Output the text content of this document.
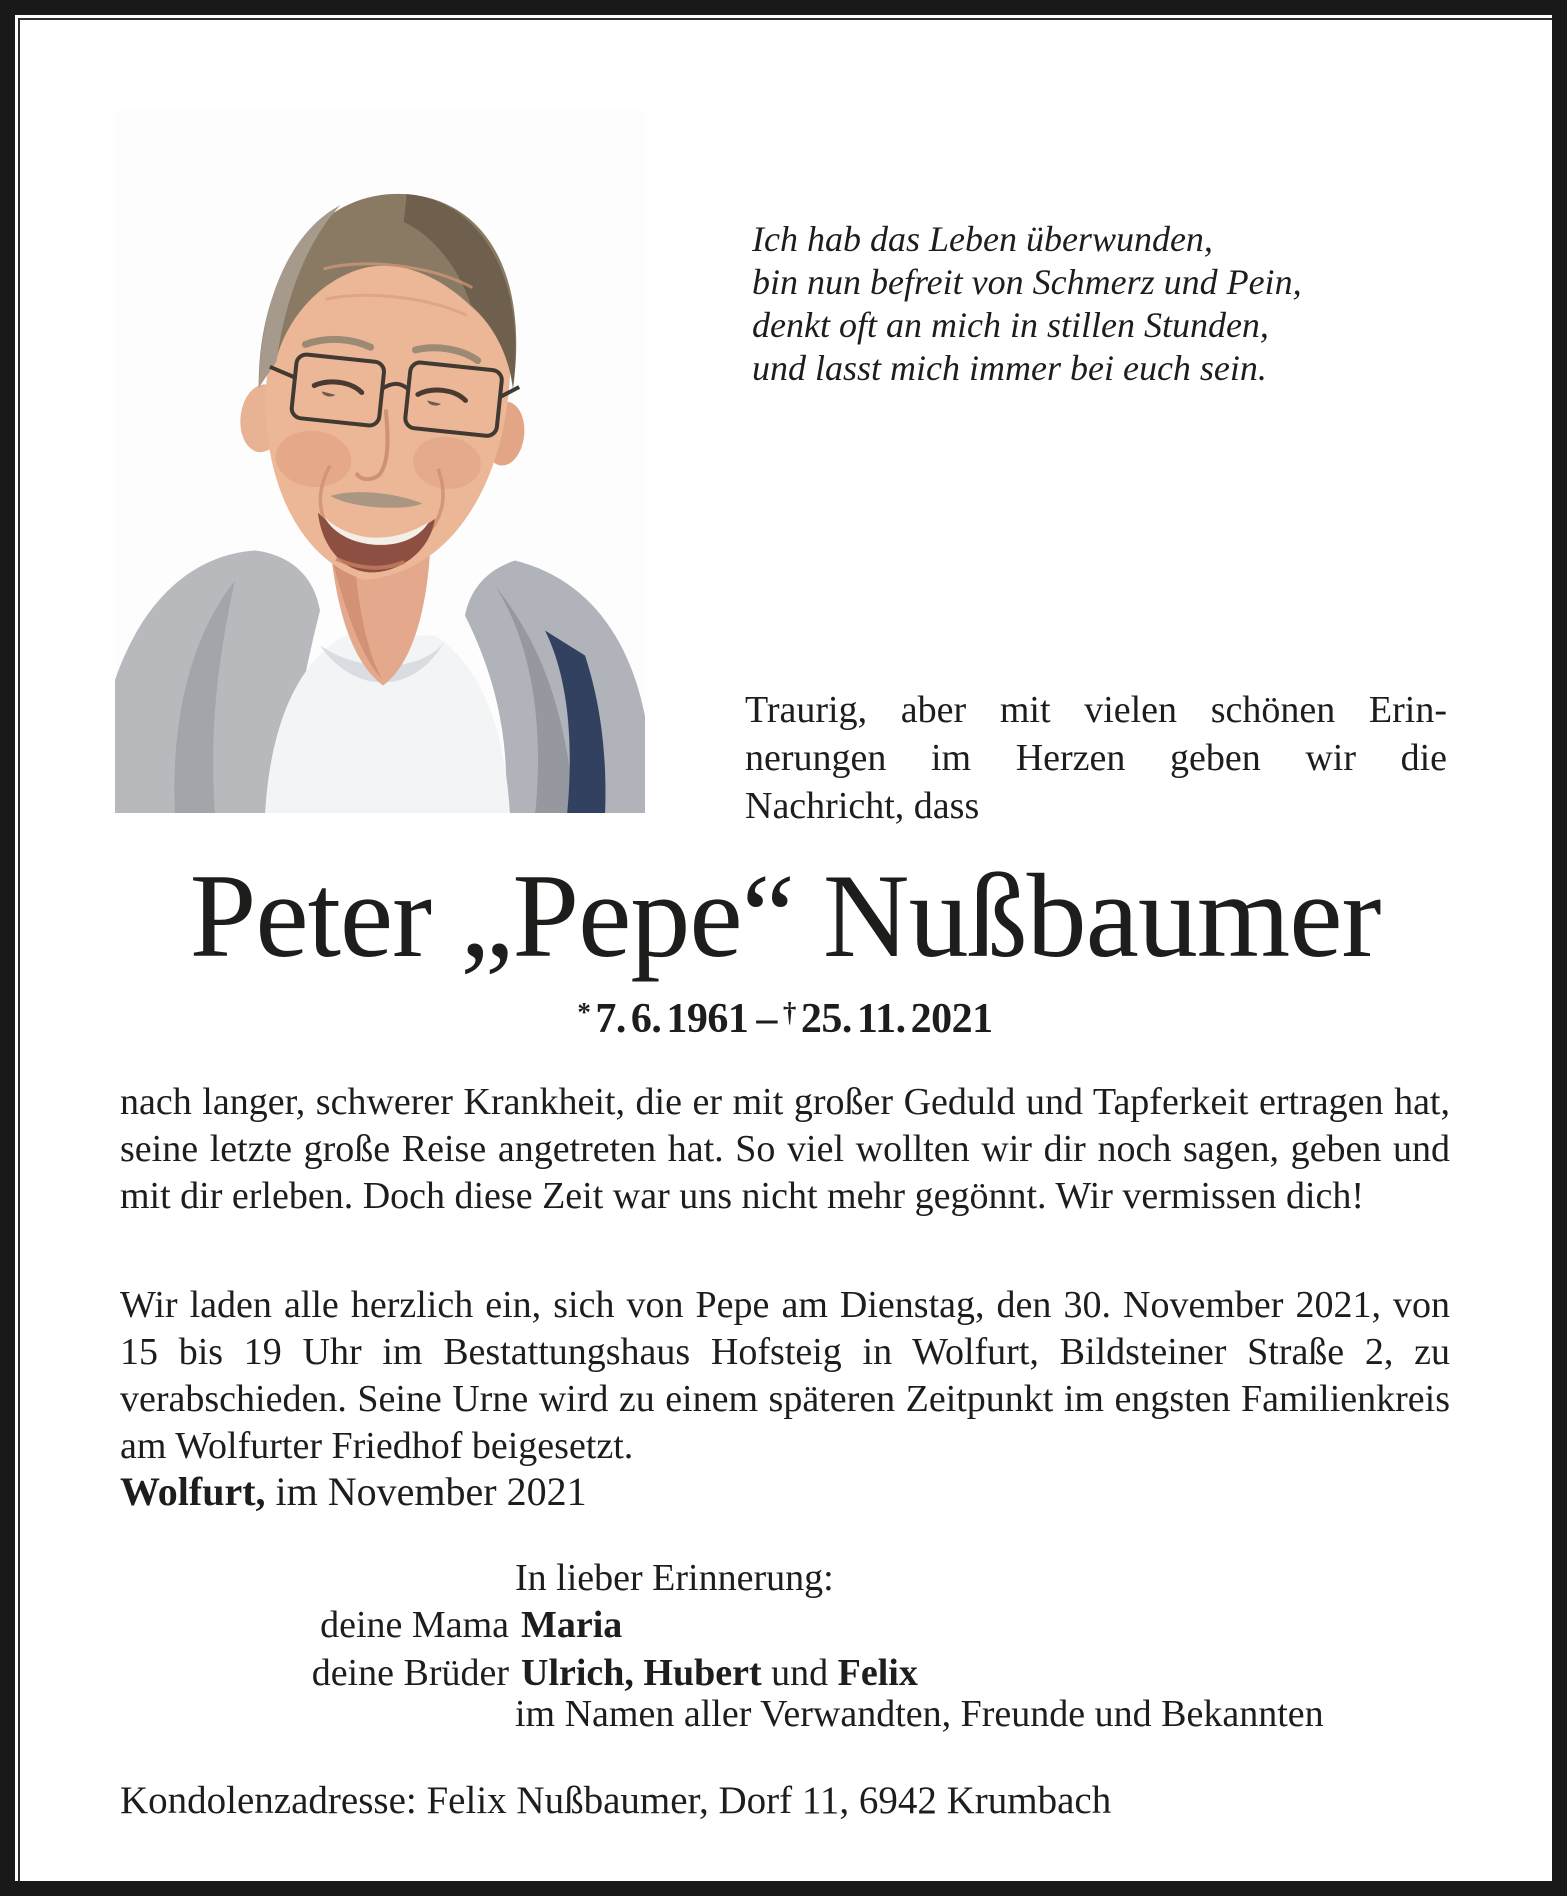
Ich hab das Leben überwunden,
bin nun befreit von Schmerz und Pein,
denkt oft an mich in stillen Stunden,
und lasst mich immer bei euch sein.
Traurig, aber mit vielen schönen Erin-
nerungen im Herzen geben wir die
Nachricht, dass
Peter „Pepe“ Nußbaumer
* 7. 6. 1961 – † 25. 11. 2021

nach langer, schwerer Krankheit, die er mit großer Geduld und Tapferkeit ertragen hat, seine letzte große Reise angetreten hat. So viel wollten wir dir noch sagen, geben und mit dir erleben. Doch diese Zeit war uns nicht mehr gegönnt. Wir vermissen dich!

Wir laden alle herzlich ein, sich von Pepe am Dienstag, den 30. November 2021, von 15 bis 19 Uhr im Bestattungshaus Hofsteig in Wolfurt, Bildsteiner Straße 2, zu verabschieden. Seine Urne wird zu einem späteren Zeitpunkt im engsten Familienkreis am Wolfurter Friedhof beigesetzt.

Wolfurt, im November 2021

In lieber Erinnerung:
deine Mama Maria
deine Brüder Ulrich, Hubert und Felix
im Namen aller Verwandten, Freunde und Bekannten

Kondolenzadresse: Felix Nußbaumer, Dorf 11, 6942 Krumbach
